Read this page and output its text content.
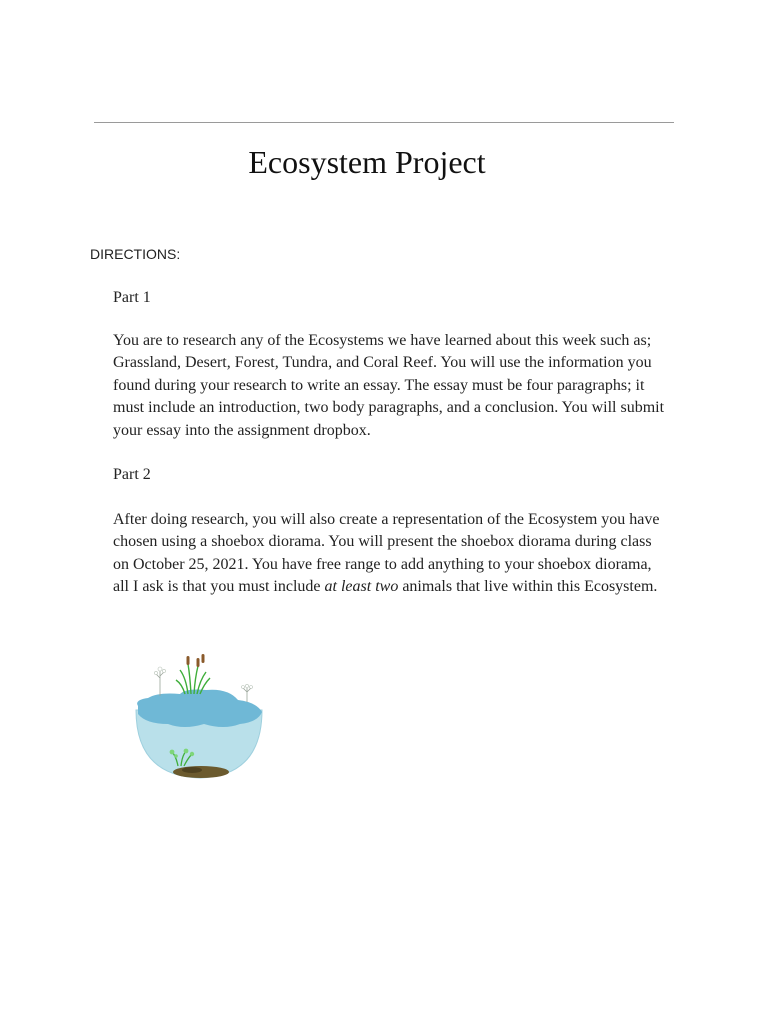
Ecosystem Project
DIRECTIONS:
Part 1
You are to research any of the Ecosystems we have learned about this week such as;
Grassland, Desert, Forest, Tundra, and Coral Reef. You will use the information you
found during your research to write an essay. The essay must be four paragraphs; it
must include an introduction, two body paragraphs, and a conclusion. You will submit
your essay into the assignment dropbox.
Part 2
After doing research, you will also create a representation of the Ecosystem you have
chosen using a shoebox diorama. You will present the shoebox diorama during class
on October 25, 2021. You have free range to add anything to your shoebox diorama,
all I ask is that you must include at least two animals that live within this Ecosystem.
